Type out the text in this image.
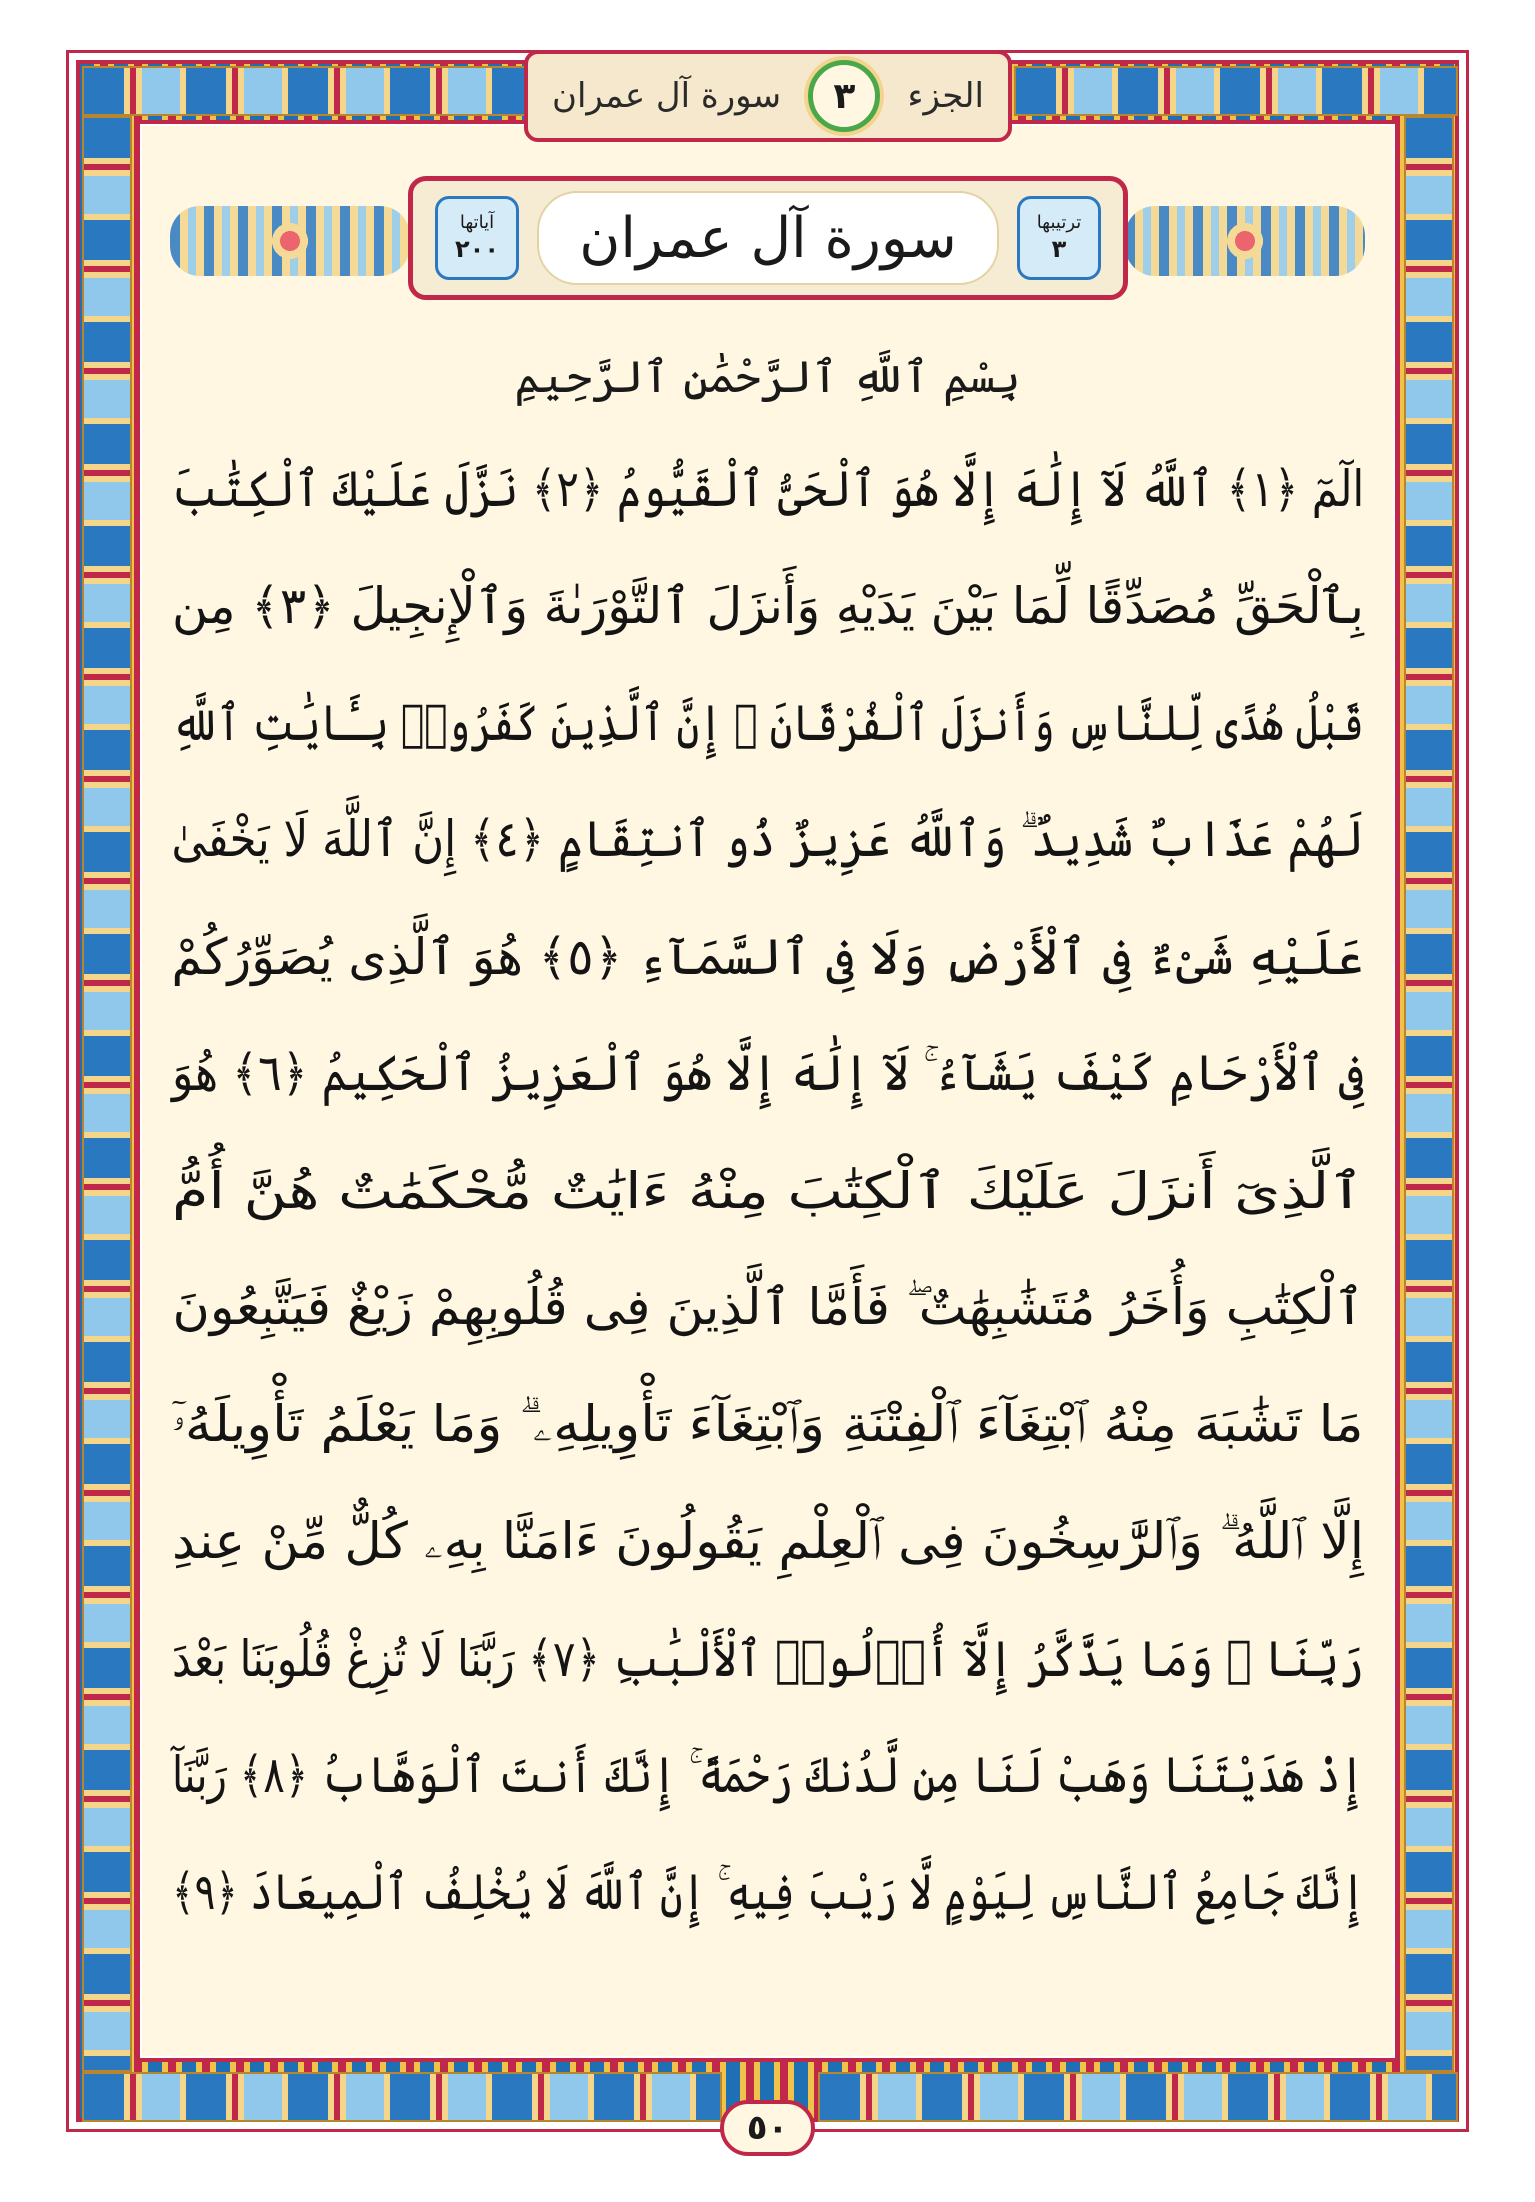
سورة آل عمران	٣	الجزء
آياتها
٢٠٠	سورة آل عمران	ترتيبها
٣
بِسْمِ ٱللَّهِ ٱلرَّحْمَٰنِ ٱلرَّحِيمِ
الٓمٓ ﴿١﴾ ٱللَّهُ لَآ إِلَٰهَ إِلَّا هُوَ ٱلْحَىُّ ٱلْقَيُّومُ ﴿٢﴾ نَزَّلَ عَلَيْكَ ٱلْكِتَٰبَ
بِٱلْحَقِّ مُصَدِّقًا لِّمَا بَيْنَ يَدَيْهِ وَأَنزَلَ ٱلتَّوْرَىٰةَ وَٱلْإِنجِيلَ ﴿٣﴾ مِن
قَبْلُ هُدًى لِّلنَّاسِ وَأَنزَلَ ٱلْفُرْقَانَ ۗ إِنَّ ٱلَّذِينَ كَفَرُوا۟ بِـَٔايَٰتِ ٱللَّهِ
لَهُمْ عَذَابٌ شَدِيدٌ ۗ وَٱللَّهُ عَزِيزٌ ذُو ٱنتِقَامٍ ﴿٤﴾ إِنَّ ٱللَّهَ لَا يَخْفَىٰ
عَلَيْهِ شَىْءٌ فِى ٱلْأَرْضِ وَلَا فِى ٱلسَّمَآءِ ﴿٥﴾ هُوَ ٱلَّذِى يُصَوِّرُكُمْ
فِى ٱلْأَرْحَامِ كَيْفَ يَشَآءُ ۚ لَآ إِلَٰهَ إِلَّا هُوَ ٱلْعَزِيزُ ٱلْحَكِيمُ ﴿٦﴾ هُوَ
ٱلَّذِىٓ أَنزَلَ عَلَيْكَ ٱلْكِتَٰبَ مِنْهُ ءَايَٰتٌ مُّحْكَمَٰتٌ هُنَّ أُمُّ
ٱلْكِتَٰبِ وَأُخَرُ مُتَشَٰبِهَٰتٌ ۖ فَأَمَّا ٱلَّذِينَ فِى قُلُوبِهِمْ زَيْغٌ فَيَتَّبِعُونَ
مَا تَشَٰبَهَ مِنْهُ ٱبْتِغَآءَ ٱلْفِتْنَةِ وَٱبْتِغَآءَ تَأْوِيلِهِۦ ۗ وَمَا يَعْلَمُ تَأْوِيلَهُۥٓ
إِلَّا ٱللَّهُ ۗ وَٱلرَّٰسِخُونَ فِى ٱلْعِلْمِ يَقُولُونَ ءَامَنَّا بِهِۦ كُلٌّ مِّنْ عِندِ
رَبِّنَا ۗ وَمَا يَذَّكَّرُ إِلَّآ أُو۟لُوا۟ ٱلْأَلْبَٰبِ ﴿٧﴾ رَبَّنَا لَا تُزِغْ قُلُوبَنَا بَعْدَ
إِذْ هَدَيْتَنَا وَهَبْ لَنَا مِن لَّدُنكَ رَحْمَةً ۚ إِنَّكَ أَنتَ ٱلْوَهَّابُ ﴿٨﴾ رَبَّنَآ
إِنَّكَ جَامِعُ ٱلنَّاسِ لِيَوْمٍ لَّا رَيْبَ فِيهِ ۚ إِنَّ ٱللَّهَ لَا يُخْلِفُ ٱلْمِيعَادَ ﴿٩﴾
٥٠
